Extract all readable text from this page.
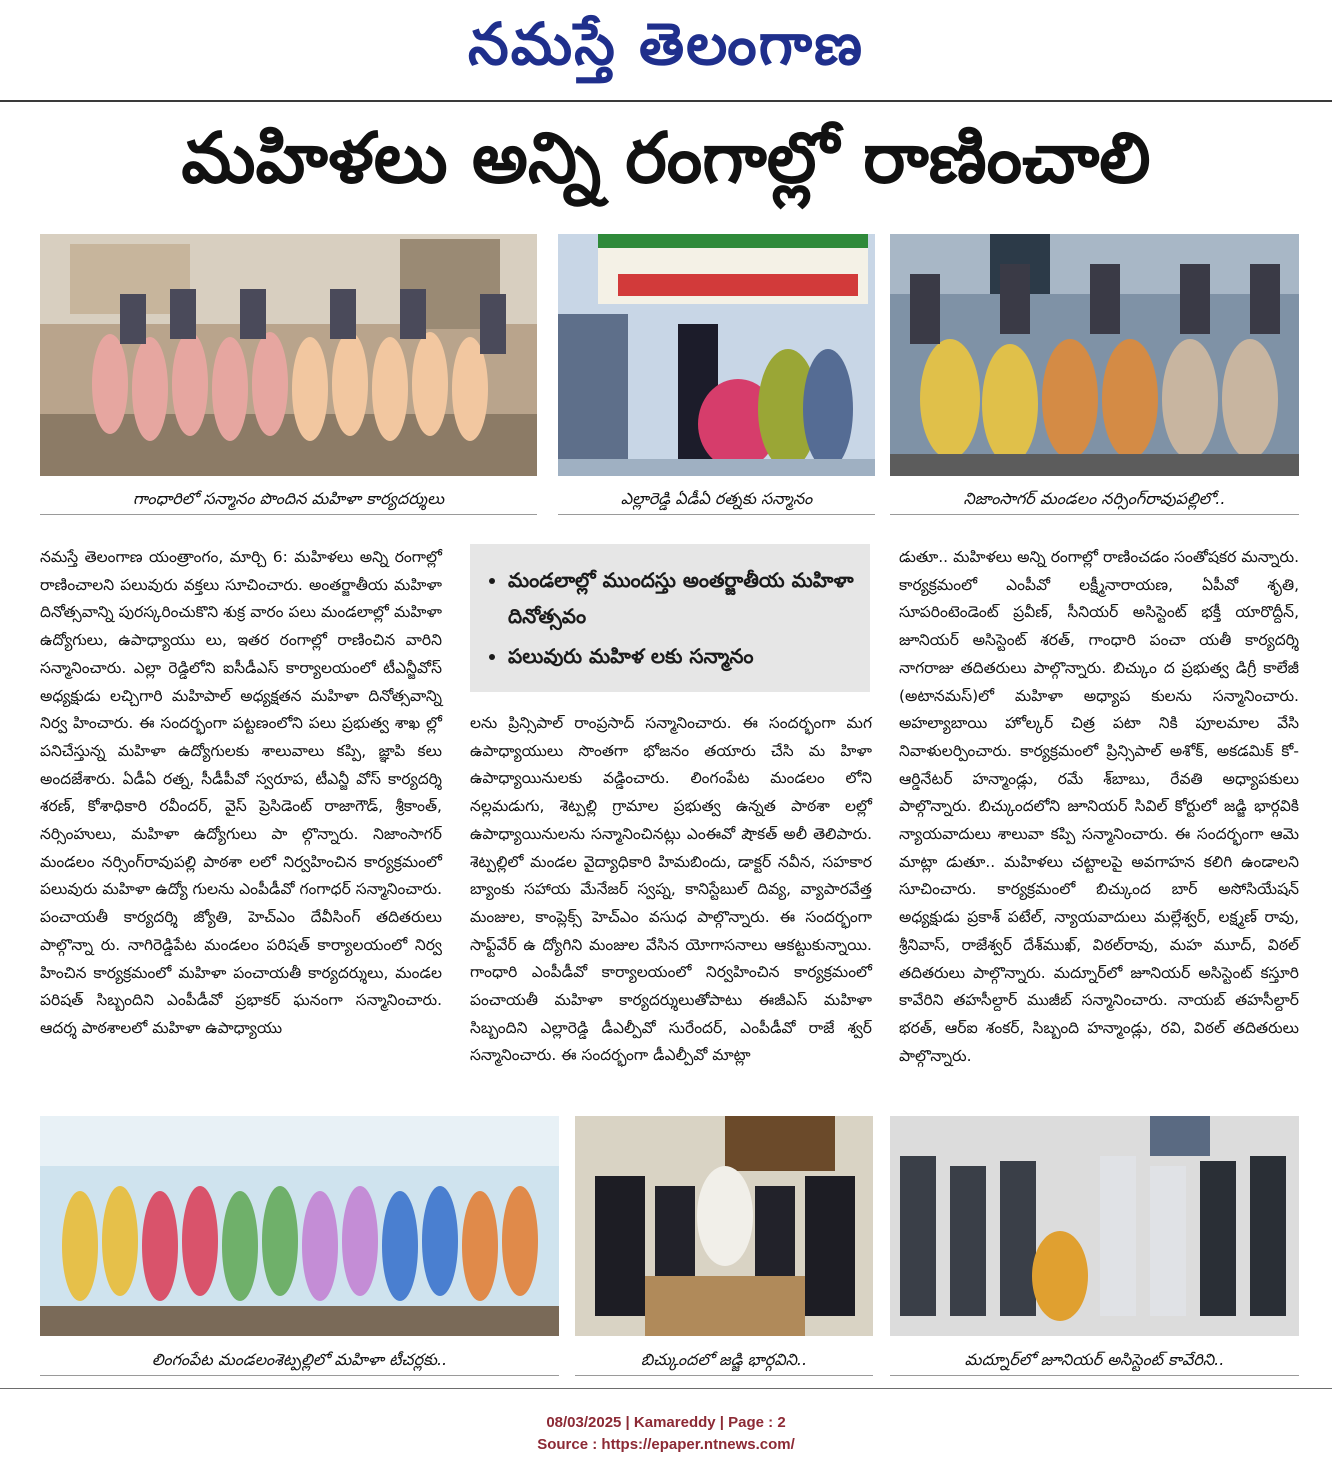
నమస్తే తెలంగాణ
మహిళలు అన్ని రంగాల్లో రాణించాలి
గాంధారిలో సన్మానం పొందిన మహిళా కార్యదర్శులు	ఎల్లారెడ్డి ఏడీఏ రత్నకు సన్మానం	నిజాంసాగర్ మండలం నర్సింగ్‌రావుపల్లిలో..

నమస్తే తెలంగాణ యంత్రాంగం, మార్చి 6: మహిళలు అన్ని రంగాల్లో రాణించాలని పలువురు వక్తలు సూచించారు. అంతర్జాతీయ మహిళా దినోత్సవాన్ని పురస్కరించుకొని శుక్ర వారం పలు మండలాల్లో మహిళా ఉద్యోగులు, ఉపాధ్యాయు లు, ఇతర రంగాల్లో రాణించిన వారిని సన్మానించారు. ఎల్లా రెడ్డిలోని ఐసీడీఎస్ కార్యాలయంలో టీఎన్జీవోస్ అధ్యక్షుడు లచ్చిగారి మహిపాల్ అధ్యక్షతన మహిళా దినోత్సవాన్ని నిర్వ హించారు. ఈ సందర్భంగా పట్టణంలోని పలు ప్రభుత్వ శాఖ ల్లో పనిచేస్తున్న మహిళా ఉద్యోగులకు శాలువాలు కప్పి, జ్ఞాపి కలు అందజేశారు. ఏడీఏ రత్న, సీడీపీవో స్వరూప, టీఎన్జీ వోస్ కార్యదర్శి శరణ్, కోశాధికారి రవీందర్, వైస్ ప్రెసిడెంట్ రాజాగౌడ్, శ్రీకాంత్, నర్సింహులు, మహిళా ఉద్యోగులు పా ల్గొన్నారు. నిజాంసాగర్ మండలం నర్సింగ్‌రావుపల్లి పాఠశా లలో నిర్వహించిన కార్యక్రమంలో పలువురు మహిళా ఉద్యో గులను ఎంపీడీవో గంగాధర్ సన్మానించారు. పంచాయతీ కార్యదర్శి జ్యోతి, హెచ్‌ఎం దేవీసింగ్ తదితరులు పాల్గొన్నా రు. నాగిరెడ్డిపేట మండలం పరిషత్ కార్యాలయంలో నిర్వ హించిన కార్యక్రమంలో మహిళా పంచాయతీ కార్యదర్శులు, మండల పరిషత్ సిబ్బందిని ఎంపీడీవో ప్రభాకర్ ఘనంగా సన్మానించారు. ఆదర్శ పాఠశాలలో మహిళా ఉపాధ్యాయు

• మండలాల్లో ముందస్తు అంతర్జాతీయ మహిళా దినోత్సవం
• పలువురు మహిళ లకు సన్మానం

లను ప్రిన్సిపాల్ రాంప్రసాద్ సన్మానించారు. ఈ సందర్భంగా మగ ఉపాధ్యాయులు సొంతగా భోజనం తయారు చేసి మ హిళా ఉపాధ్యాయినులకు వడ్డించారు. లింగంపేట మండలం లోని నల్లమడుగు, శెట్పల్లి గ్రామాల ప్రభుత్వ ఉన్నత పాఠశా లల్లో ఉపాధ్యాయినులను సన్మానించినట్లు ఎంఈవో షౌకత్ అలీ తెలిపారు. శెట్పల్లిలో మండల వైద్యాధికారి హిమబిందు, డాక్టర్ నవీన, సహకార బ్యాంకు సహాయ మేనేజర్ స్వప్న, కానిస్టేబుల్ దివ్య, వ్యాపారవేత్త మంజుల, కాంప్లెక్స్ హెచ్‌ఎం వసుధ పాల్గొన్నారు. ఈ సందర్భంగా సాఫ్ట్‌వేర్ ఉ ద్యోగిని మంజుల వేసిన యోగాసనాలు ఆకట్టుకున్నాయి. గాంధారి ఎంపీడీవో కార్యాలయంలో నిర్వహించిన కార్యక్రమంలో పంచాయతీ మహిళా కార్యదర్శులుతోపాటు ఈజీఎస్ మహిళా సిబ్బందిని ఎల్లారెడ్డి డీఎల్పీవో సురేందర్, ఎంపీడీవో రాజే శ్వర్ సన్మానించారు. ఈ సందర్భంగా డీఎల్పీవో మాట్లా

డుతూ.. మహిళలు అన్ని రంగాల్లో రాణించడం సంతోషకర మన్నారు. కార్యక్రమంలో ఎంపీవో లక్ష్మీనారాయణ, ఏపీవో శృతి, సూపరింటెండెంట్ ప్రవీణ్, సీనియర్ అసిస్టెంట్ భక్తీ యారొద్దీన్, జూనియర్ అసిస్టెంట్ శరత్, గాంధారి పంచా యతీ కార్యదర్శి నాగరాజు తదితరులు పాల్గొన్నారు. బిచ్కుం ద ప్రభుత్వ డిగ్రీ కాలేజీ (అటానమస్)లో మహిళా అధ్యాప కులను సన్మానించారు. అహల్యాబాయి హోల్కర్ చిత్ర పటా నికి పూలమాల వేసి నివాళులర్పించారు. కార్యక్రమంలో ప్రిన్సిపాల్ అశోక్, అకడమిక్ కో-ఆర్డినేటర్ హన్మాండ్లు, రమే శ్‌బాబు, రేవతి అధ్యాపకులు పాల్గొన్నారు. బిచ్కుందలోని జూనియర్ సివిల్ కోర్టులో జడ్జి భార్గవికి న్యాయవాదులు శాలువా కప్పి సన్మానించారు. ఈ సందర్భంగా ఆమె మాట్లా డుతూ.. మహిళలు చట్టాలపై అవగాహన కలిగి ఉండాలని సూచించారు. కార్యక్రమంలో బిచ్కుంద బార్ అసోసియేషన్ అధ్యక్షుడు ప్రకాశ్ పటేల్, న్యాయవాదులు మల్లేశ్వర్, లక్ష్మణ్ రావు, శ్రీనివాస్, రాజేశ్వర్ దేశ్‌ముఖ్, విఠల్‌రావు, మహ మూద్, విఠల్ తదితరులు పాల్గొన్నారు. మద్నూర్‌లో జూనియర్ అసిస్టెంట్ కస్తూరి కావేరిని తహసీల్దార్ ముజీబ్ సన్మానించారు. నాయబ్ తహసీల్దార్ భరత్, ఆర్‌ఐ శంకర్, సిబ్బంది హన్మాండ్లు, రవి, విఠల్ తదితరులు పాల్గొన్నారు.

లింగంపేట మండలంశెట్పల్లిలో మహిళా టీచర్లకు..	బిచ్కుందలో జడ్జి భార్గవిని..	మద్నూర్‌లో జూనియర్ అసిస్టెంట్ కావేరిని..
08/03/2025 | Kamareddy | Page : 2
Source : https://epaper.ntnews.com/
